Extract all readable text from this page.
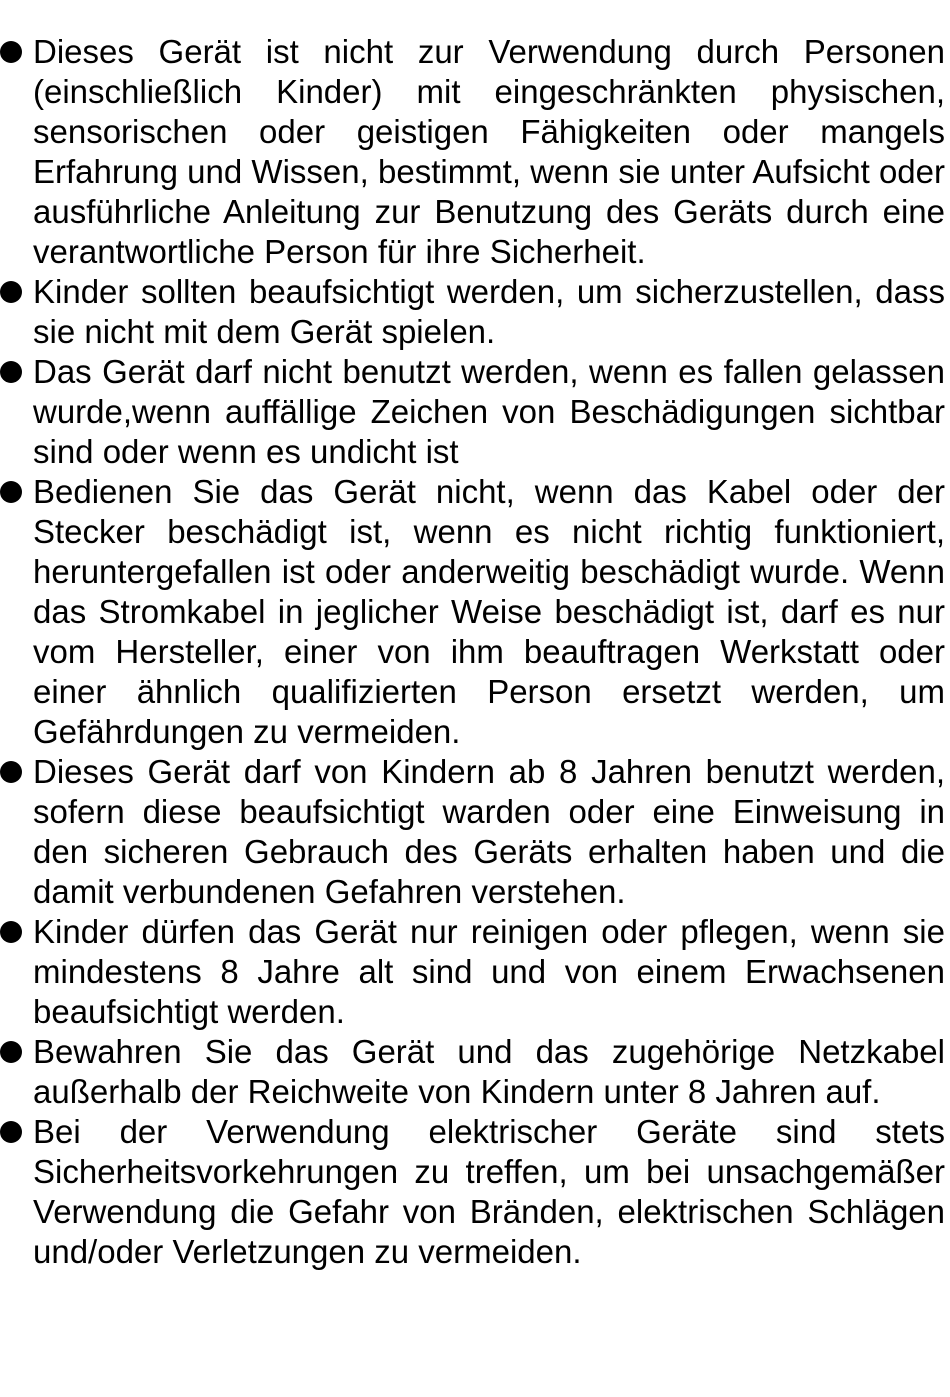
Dieses Gerät ist nicht zur Verwendung durch Personen (einschließlich Kinder) mit eingeschränkten physischen, sensorischen oder geistigen Fähigkeiten oder mangels Erfahrung und Wissen, bestimmt, wenn sie unter Aufsicht oder ausführliche Anleitung zur Benutzung des Geräts durch eine verantwortliche Person für ihre Sicherheit.
Kinder sollten beaufsichtigt werden, um sicherzustellen, dass sie nicht mit dem Gerät spielen.
Das Gerät darf nicht benutzt werden, wenn es fallen gelassen wurde,wenn auffällige Zeichen von Beschädigungen sichtbar sind oder wenn es undicht ist
Bedienen Sie das Gerät nicht, wenn das Kabel oder der Stecker beschädigt ist, wenn es nicht richtig funktioniert, heruntergefallen ist oder anderweitig beschädigt wurde. Wenn das Stromkabel in jeglicher Weise beschädigt ist, darf es nur vom Hersteller, einer von ihm beauftragen Werkstatt oder einer ähnlich qualifizierten Person ersetzt werden, um Gefährdungen zu vermeiden.
Dieses Gerät darf von Kindern ab 8 Jahren benutzt werden, sofern diese beaufsichtigt warden oder eine Einweisung in den sicheren Gebrauch des Geräts erhalten haben und die damit verbundenen Gefahren verstehen.
Kinder dürfen das Gerät nur reinigen oder pflegen, wenn sie mindestens 8 Jahre alt sind und von einem Erwachsenen beaufsichtigt werden.
Bewahren Sie das Gerät und das zugehörige Netzkabel außerhalb der Reichweite von Kindern unter 8 Jahren auf.
Bei der Verwendung elektrischer Geräte sind stets Sicherheitsvorkehrungen zu treffen, um bei unsachgemäßer Verwendung die Gefahr von Bränden, elektrischen Schlägen und/oder Verletzungen zu vermeiden.
